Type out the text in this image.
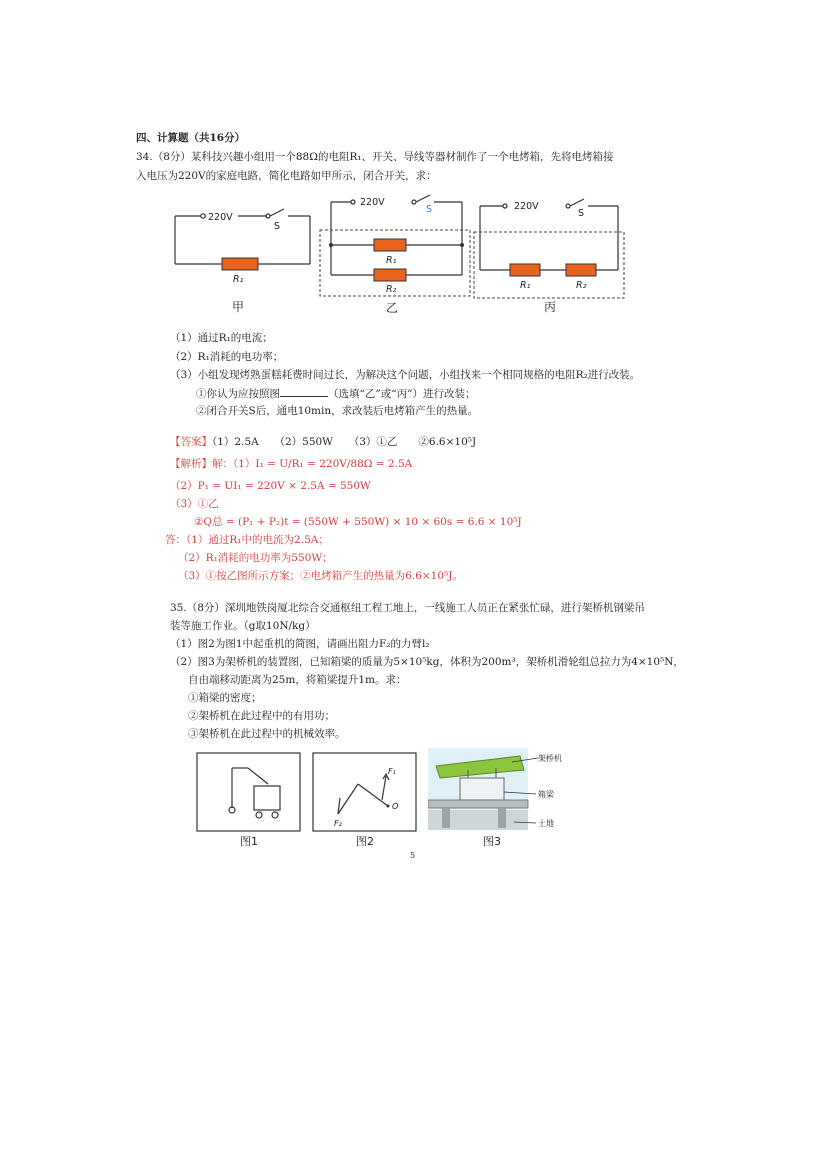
四、计算题（共16分）
34.（8分）某科技兴趣小组用一个88Ω的电阻R₁、开关、导线等器材制作了一个电烤箱，先将电烤箱接
入电压为220V的家庭电路，简化电路如甲所示，闭合开关，求：
220V
S
R₁
甲
220V
S
R₁
R₂
乙
220V
S
R₁	R₂
丙
（1）通过R₁的电流；
（2）R₁消耗的电功率；
（3）小组发现烤熟蛋糕耗费时间过长，为解决这个问题，小组找来一个相同规格的电阻R₂进行改装。
①你认为应按照图	（选填“乙”或“丙”）进行改装；
②闭合开关S后，通电10min，求改装后电烤箱产生的热量。
【答案】（1）2.5A　　（2）550W　　（3）①乙　　②6.6×10⁵J
【解析】解：（1）I₁ = U/R₁ = 220V/88Ω = 2.5A
（2）P₁ = UI₁ = 220V × 2.5A = 550W
（3）①乙
②Q总 = (P₁ + P₂)t = (550W + 550W) × 10 × 60s = 6.6 × 10⁵J
答：（1）通过R₁中的电流为2.5A；
（2）R₁消耗的电功率为550W；
（3）①按乙图所示方案；②电烤箱产生的热量为6.6×10⁵J。
35.（8分）深圳地铁岗厦北综合交通枢纽工程工地上，一线施工人员正在紧张忙碌，进行架桥机钢梁吊
装等施工作业。（g取10N/kg）
（1）图2为图1中起重机的简图，请画出阻力F₂的力臂l₂
（2）图3为架桥机的装置图，已知箱梁的质量为5×10⁵kg，体积为200m³，架桥机滑轮组总拉力为4×10⁵N，
自由端移动距离为25m，将箱梁提升1m。求：
①箱梁的密度；
②架桥机在此过程中的有用功；
③架桥机在此过程中的机械效率。
图1
F₁
F₂
O
图2
架桥机
箱梁
土地
图3
5
